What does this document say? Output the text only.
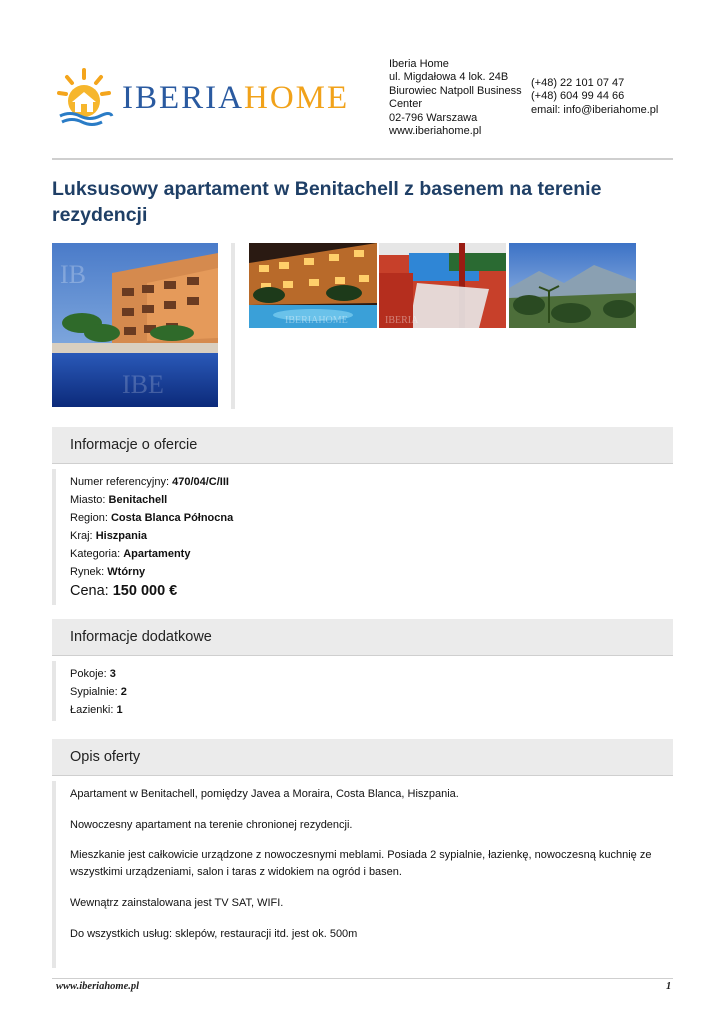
IBERIAHOME
Iberia Home
ul. Migdałowa 4 lok. 24B
Biurowiec Natpoll Business
Center
02-796 Warszawa
www.iberiahome.pl
(+48) 22 101 07 47
(+48) 604 99 44 66
email: info@iberiahome.pl
Luksusowy apartament w Benitachell z basenem na terenie rezydencji
IB
IBE
IBERIAHOME	IBERIA
Informacje o ofercie
Numer referencyjny: 470/04/C/III
Miasto: Benitachell
Region: Costa Blanca Północna
Kraj: Hiszpania
Kategoria: Apartamenty
Rynek: Wtórny
Cena: 150 000 €
Informacje dodatkowe
Pokoje: 3
Sypialnie: 2
Łazienki: 1
Opis oferty
Apartament w Benitachell, pomiędzy Javea a Moraira, Costa Blanca, Hiszpania.
Nowoczesny apartament na terenie chronionej rezydencji.
Mieszkanie jest całkowicie urządzone z nowoczesnymi meblami. Posiada 2 sypialnie, łazienkę, nowoczesną kuchnię ze wszystkimi urządzeniami, salon i taras z widokiem na ogród i basen.
Wewnątrz zainstalowana jest TV SAT, WIFI.
Do wszystkich usług: sklepów, restauracji itd. jest ok. 500m
www.iberiahome.pl	1
